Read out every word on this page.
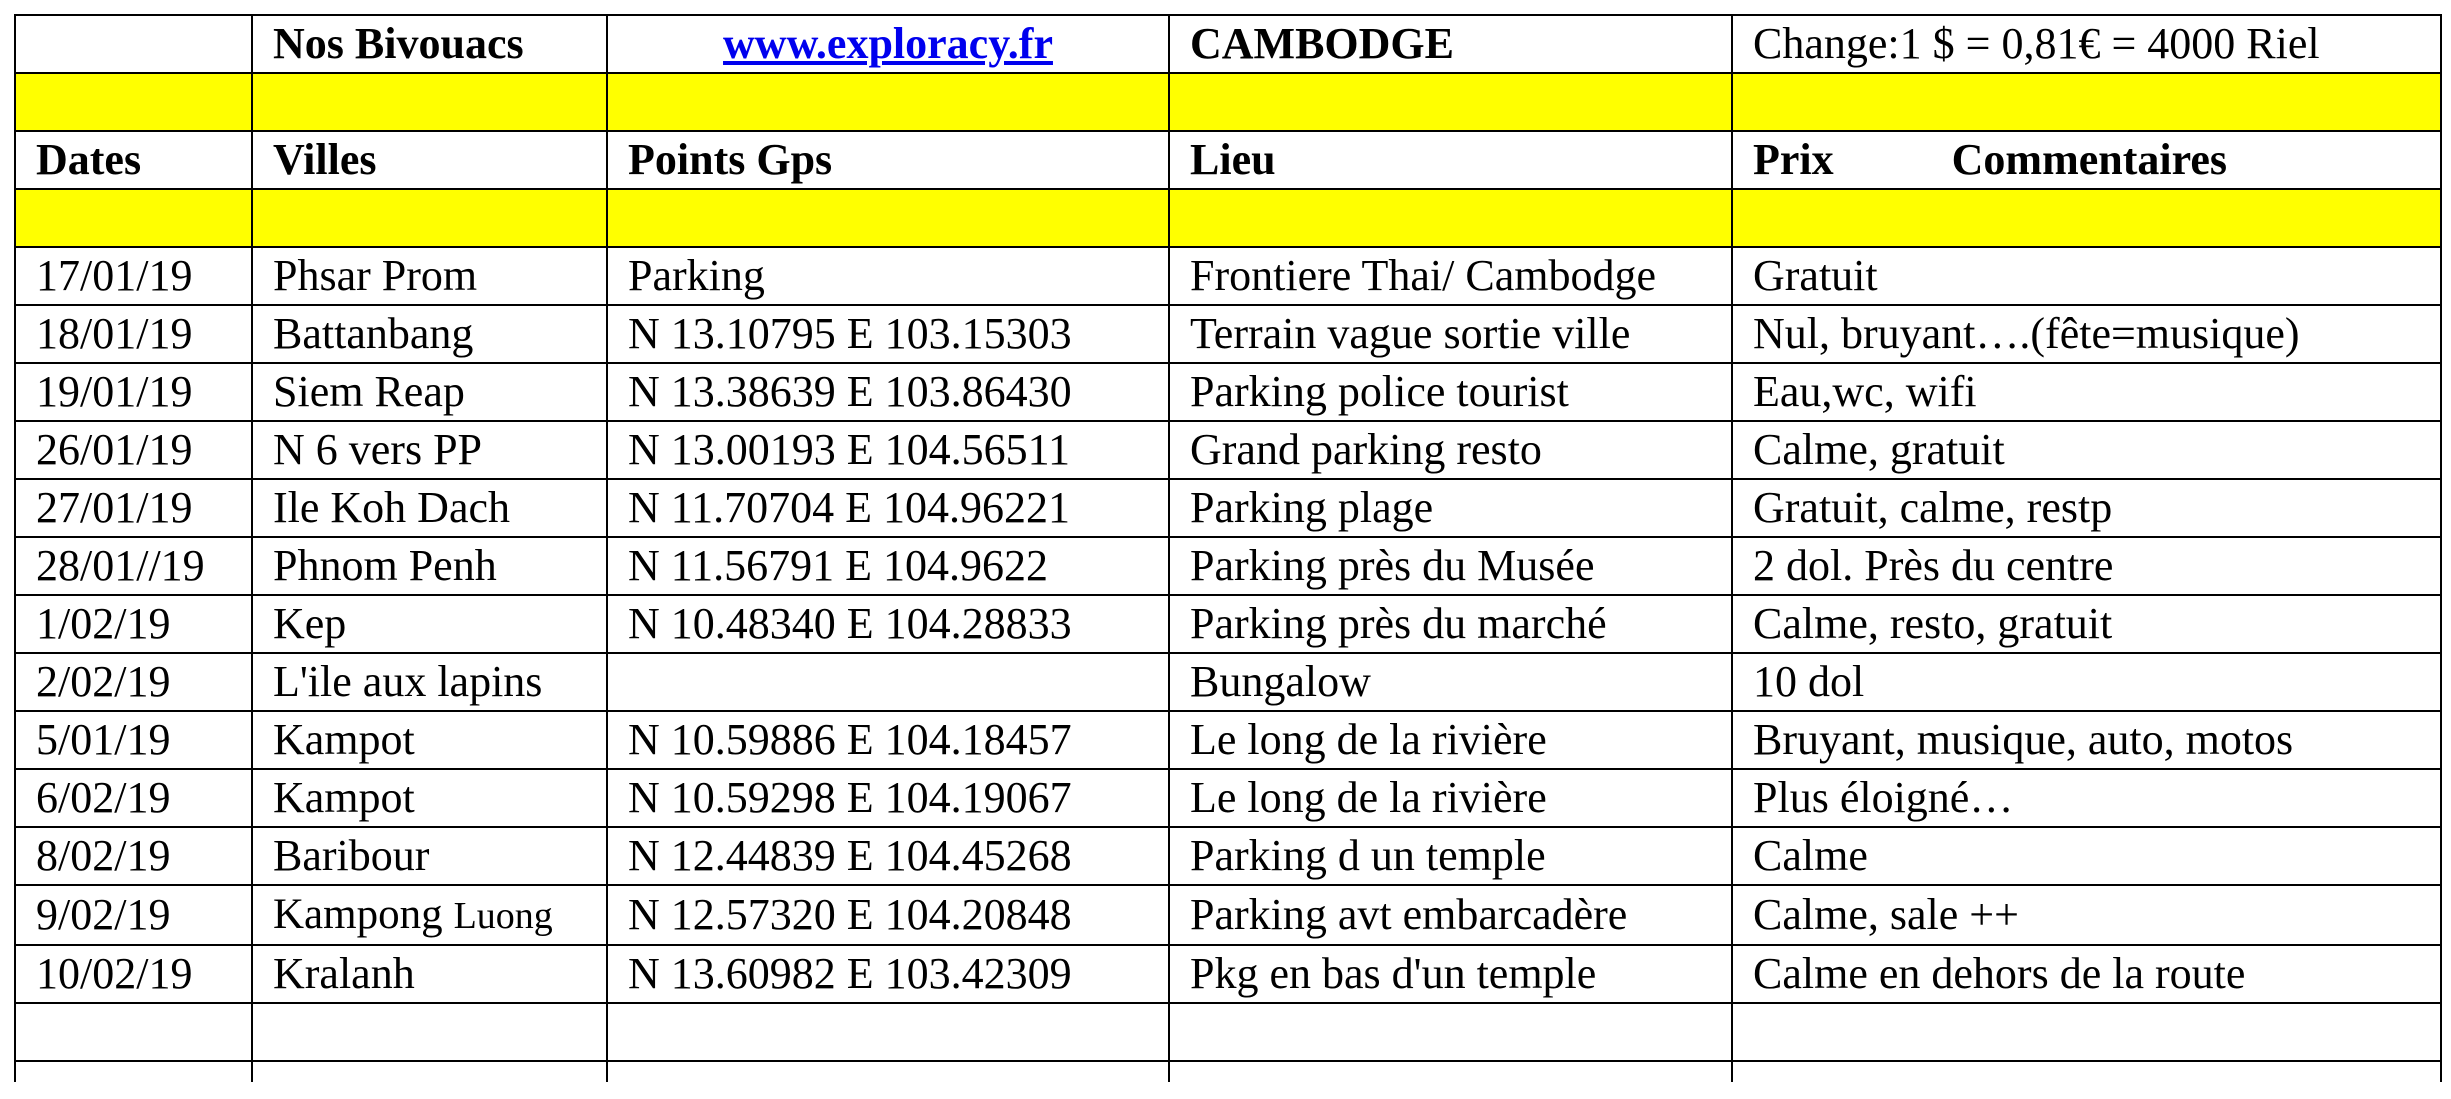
	Nos Bivouacs	www.exploracy.fr	CAMBODGE	Change:1 $ = 0,81€ = 4000 Riel

Dates	Villes	Points Gps	Lieu	Prix Commentaires

17/01/19	Phsar Prom	Parking	Frontiere Thai/ Cambodge	Gratuit
18/01/19	Battanbang	N 13.10795 E 103.15303	Terrain vague sortie ville	Nul, bruyant….(fête=musique)
19/01/19	Siem Reap	N 13.38639 E 103.86430	Parking police tourist	Eau,wc, wifi
26/01/19	N 6 vers PP	N 13.00193 E 104.56511	Grand parking resto	Calme, gratuit
27/01/19	Ile Koh Dach	N 11.70704 E 104.96221	Parking plage	Gratuit, calme, restp
28/01//19	Phnom Penh	N 11.56791 E 104.9622	Parking près du Musée	2 dol. Près du centre
1/02/19	Kep	N 10.48340 E 104.28833	Parking près du marché	Calme, resto, gratuit
2/02/19	L'ile aux lapins		Bungalow	10 dol
5/01/19	Kampot	N 10.59886 E 104.18457	Le long de la rivière	Bruyant, musique, auto, motos
6/02/19	Kampot	N 10.59298 E 104.19067	Le long de la rivière	Plus éloigné…
8/02/19	Baribour	N 12.44839 E 104.45268	Parking d un temple	Calme
9/02/19	Kampong Luong	N 12.57320 E 104.20848	Parking avt embarcadère	Calme, sale ++
10/02/19	Kralanh	N 13.60982 E 103.42309	Pkg en bas d'un temple	Calme en dehors de la route
